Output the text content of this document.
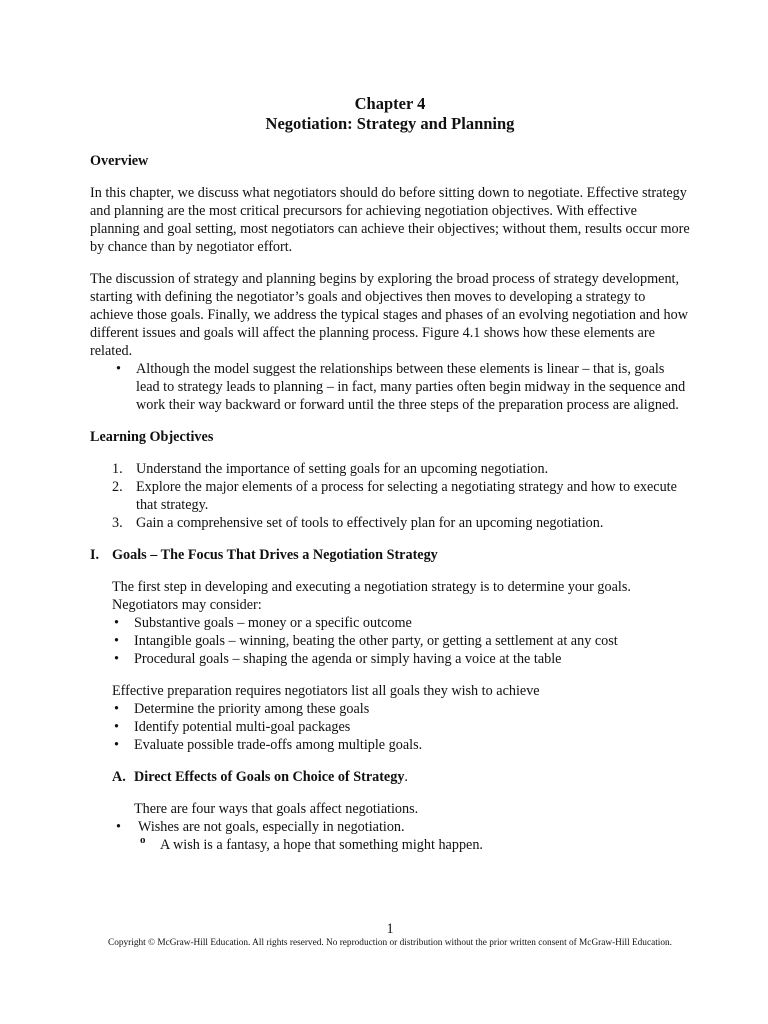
Chapter 4
Negotiation: Strategy and Planning
Overview

In this chapter, we discuss what negotiators should do before sitting down to negotiate. Effective strategy and planning are the most critical precursors for achieving negotiation objectives. With effective planning and goal setting, most negotiators can achieve their objectives; without them, results occur more by chance than by negotiator effort.

The discussion of strategy and planning begins by exploring the broad process of strategy development, starting with defining the negotiator’s goals and objectives then moves to developing a strategy to achieve those goals. Finally, we address the typical stages and phases of an evolving negotiation and how different issues and goals will affect the planning process. Figure 4.1 shows how these elements are related.

• Although the model suggest the relationships between these elements is linear – that is, goals lead to strategy leads to planning – in fact, many parties often begin midway in the sequence and work their way backward or forward until the three steps of the preparation process are aligned.
Learning Objectives
1. Understand the importance of setting goals for an upcoming negotiation.
2. Explore the major elements of a process for selecting a negotiating strategy and how to execute that strategy.
3. Gain a comprehensive set of tools to effectively plan for an upcoming negotiation.
I. Goals – The Focus That Drives a Negotiation Strategy

The first step in developing and executing a negotiation strategy is to determine your goals. Negotiators may consider:

• Substantive goals – money or a specific outcome
• Intangible goals – winning, beating the other party, or getting a settlement at any cost
• Procedural goals – shaping the agenda or simply having a voice at the table

Effective preparation requires negotiators list all goals they wish to achieve

• Determine the priority among these goals
• Identify potential multi-goal packages
• Evaluate possible trade-offs among multiple goals.
A. Direct Effects of Goals on Choice of Strategy.

There are four ways that goals affect negotiations.

• Wishes are not goals, especially in negotiation.
o A wish is a fantasy, a hope that something might happen.
1
Copyright © McGraw-Hill Education. All rights reserved. No reproduction or distribution without the prior written consent of McGraw-Hill Education.
